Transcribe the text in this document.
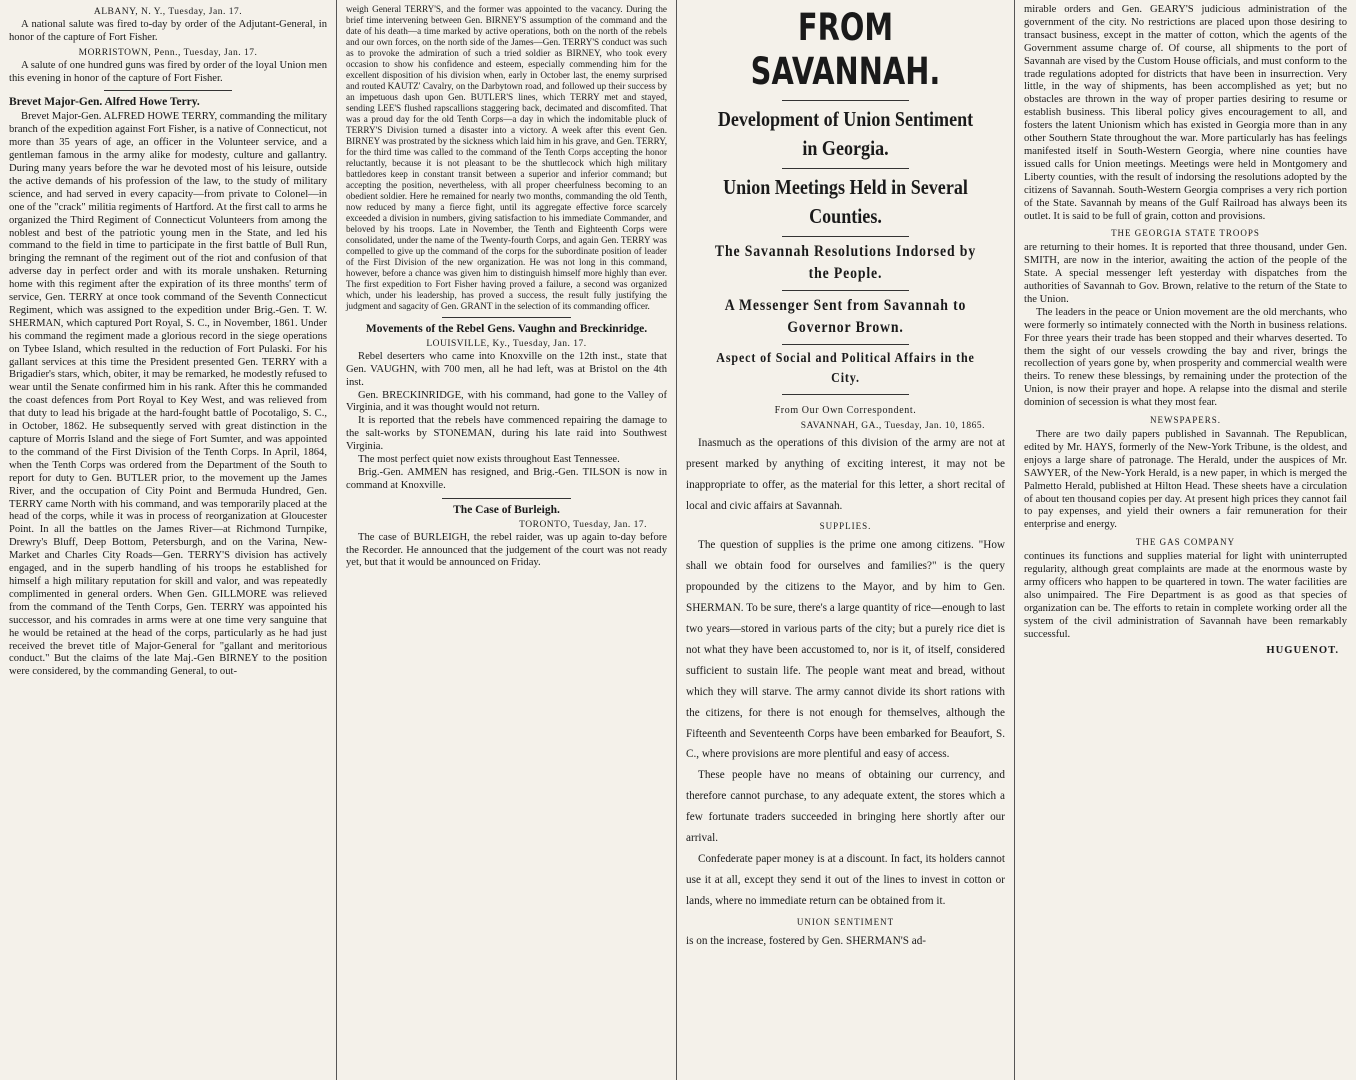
ALBANY, N. Y., Tuesday, Jan. 17.

A national salute was fired to-day by order of the Adjutant-General, in honor of the capture of Fort Fisher.

MORRISTOWN, Penn., Tuesday, Jan. 17.

A salute of one hundred guns was fired by order of the loyal Union men this evening in honor of the capture of Fort Fisher.

Brevet Major-Gen. Alfred Howe Terry.

Brevet Major-Gen. ALFRED HOWE TERRY, commanding the military branch of the expedition against Fort Fisher, is a native of Connecticut, not more than 35 years of age, an officer in the Volunteer service, and a gentleman famous in the army alike for modesty, culture and gallantry. During many years before the war he devoted most of his leisure, outside the active demands of his profession of the law, to the study of military science, and had served in every capacity—from private to Colonel—in one of the "crack" militia regiments of Hartford. At the first call to arms he organized the Third Regiment of Connecticut Volunteers from among the noblest and best of the patriotic young men in the State, and led his command to the field in time to participate in the first battle of Bull Run, bringing the remnant of the regiment out of the riot and confusion of that adverse day in perfect order and with its morale unshaken. Returning home with this regiment after the expiration of its three months' term of service, Gen. TERRY at once took command of the Seventh Connecticut Regiment, which was assigned to the expedition under Brig.-Gen. T. W. SHERMAN, which captured Port Royal, S. C., in November, 1861. Under his command the regiment made a glorious record in the siege operations on Tybee Island, which resulted in the reduction of Fort Pulaski. For his gallant services at this time the President presented Gen. TERRY with a Brigadier's stars, which, obiter, it may be remarked, he modestly refused to wear until the Senate confirmed him in his rank. After this he commanded the coast defences from Port Royal to Key West, and was relieved from that duty to lead his brigade at the hard-fought battle of Pocotaligo, S. C., in October, 1862. He subsequently served with great distinction in the capture of Morris Island and the siege of Fort Sumter, and was appointed to the command of the First Division of the Tenth Corps. In April, 1864, when the Tenth Corps was ordered from the Department of the South to report for duty to Gen. BUTLER prior, to the movement up the James River, and the occupation of City Point and Bermuda Hundred, Gen. TERRY came North with his command, and was temporarily placed at the head of the corps, while it was in process of reorganization at Gloucester Point. In all the battles on the James River—at Richmond Turnpike, Drewry's Bluff, Deep Bottom, Petersburgh, and on the Varina, New-Market and Charles City Roads—Gen. TERRY'S division has actively engaged, and in the superb handling of his troops he established for himself a high military reputation for skill and valor, and was repeatedly complimented in general orders. When Gen. GILLMORE was relieved from the command of the Tenth Corps, Gen. TERRY was appointed his successor, and his comrades in arms were at one time very sanguine that he would be retained at the head of the corps, particularly as he had just received the brevet title of Major-General for "gallant and meritorious conduct." But the claims of the late Maj.-Gen BIRNEY to the position were considered, by the commanding General, to out-

weigh General TERRY'S, and the former was appointed to the vacancy. During the brief time intervening between Gen. BIRNEY'S assumption of the command and the date of his death—a time marked by active operations, both on the north of the rebels and our own forces, on the north side of the James—Gen. TERRY'S conduct was such as to provoke the admiration of such a tried soldier as BIRNEY, who took every occasion to show his confidence and esteem, especially commending him for the excellent disposition of his division when, early in October last, the enemy surprised and routed KAUTZ' Cavalry, on the Darbytown road, and followed up their success by an impetuous dash upon Gen. BUTLER'S lines, which TERRY met and stayed, sending LEE'S flushed rapscallions staggering back, decimated and discomfited. That was a proud day for the old Tenth Corps—a day in which the indomitable pluck of TERRY'S Division turned a disaster into a victory. A week after this event Gen. BIRNEY was prostrated by the sickness which laid him in his grave, and Gen. TERRY, for the third time was called to the command of the Tenth Corps accepting the honor reluctantly, because it is not pleasant to be the shuttlecock which high military battledores keep in constant transit between a superior and inferior command; but accepting the position, nevertheless, with all proper cheerfulness becoming to an obedient soldier. Here he remained for nearly two months, commanding the old Tenth, now reduced by many a fierce fight, until its aggregate effective force scarcely exceeded a division in numbers, giving satisfaction to his immediate Commander, and beloved by his troops. Late in November, the Tenth and Eighteenth Corps were consolidated, under the name of the Twenty-fourth Corps, and again Gen. TERRY was compelled to give up the command of the corps for the subordinate position of leader of the First Division of the new organization. He was not long in this command, however, before a chance was given him to distinguish himself more highly than ever. The first expedition to Fort Fisher having proved a failure, a second was organized which, under his leadership, has proved a success, the result fully justifying the judgment and sagacity of Gen. GRANT in the selection of its commanding officer.

Movements of the Rebel Gens. Vaughn and Breckinridge.

LOUISVILLE, Ky., Tuesday, Jan. 17.

Rebel deserters who came into Knoxville on the 12th inst., state that Gen. VAUGHN, with 700 men, all he had left, was at Bristol on the 4th inst.

Gen. BRECKINRIDGE, with his command, had gone to the Valley of Virginia, and it was thought would not return.

It is reported that the rebels have commenced repairing the damage to the salt-works by STONEMAN, during his late raid into Southwest Virginia.

The most perfect quiet now exists throughout East Tennessee.

Brig.-Gen. AMMEN has resigned, and Brig.-Gen. TILSON is now in command at Knoxville.

The Case of Burleigh.

TORONTO, Tuesday, Jan. 17.

The case of BURLEIGH, the rebel raider, was up again to-day before the Recorder. He announced that the judgement of the court was not ready yet, but that it would be announced on Friday.

FROM SAVANNAH.
Development of Union Sentiment in Georgia.
Union Meetings Held in Several Counties.
The Savannah Resolutions Indorsed by the People.
A Messenger Sent from Savannah to Governor Brown.
Aspect of Social and Political Affairs in the City.

From Our Own Correspondent.

SAVANNAH, GA., Tuesday, Jan. 10, 1865.

Inasmuch as the operations of this division of the army are not at present marked by anything of exciting interest, it may not be inappropriate to offer, as the material for this letter, a short recital of local and civic affairs at Savannah.

SUPPLIES.

The question of supplies is the prime one among citizens. "How shall we obtain food for ourselves and families?" is the query propounded by the citizens to the Mayor, and by him to Gen. SHERMAN. To be sure, there's a large quantity of rice—enough to last two years—stored in various parts of the city; but a purely rice diet is not what they have been accustomed to, nor is it, of itself, considered sufficient to sustain life. The people want meat and bread, without which they will starve. The army cannot divide its short rations with the citizens, for there is not enough for themselves, although the Fifteenth and Seventeenth Corps have been embarked for Beaufort, S. C., where provisions are more plentiful and easy of access.

These people have no means of obtaining our currency, and therefore cannot purchase, to any adequate extent, the stores which a few fortunate traders succeeded in bringing here shortly after our arrival.

Confederate paper money is at a discount. In fact, its holders cannot use it at all, except they send it out of the lines to invest in cotton or lands, where no immediate return can be obtained from it.

UNION SENTIMENT

is on the increase, fostered by Gen. SHERMAN'S ad-

mirable orders and Gen. GEARY'S judicious administration of the government of the city. No restrictions are placed upon those desiring to transact business, except in the matter of cotton, which the agents of the Government assume charge of. Of course, all shipments to the port of Savannah are vised by the Custom House officials, and must conform to the trade regulations adopted for districts that have been in insurrection. Very little, in the way of shipments, has been accomplished as yet; but no obstacles are thrown in the way of proper parties desiring to resume or establish business. This liberal policy gives encouragement to all, and fosters the latent Unionism which has existed in Georgia more than in any other Southern State throughout the war. More particularly has has feelings manifested itself in South-Western Georgia, where nine counties have issued calls for Union meetings. Meetings were held in Montgomery and Liberty counties, with the result of indorsing the resolutions adopted by the citizens of Savannah. South-Western Georgia comprises a very rich portion of the State. Savannah by means of the Gulf Railroad has always been its outlet. It is said to be full of grain, cotton and provisions.

THE GEORGIA STATE TROOPS

are returning to their homes. It is reported that three thousand, under Gen. SMITH, are now in the interior, awaiting the action of the people of the State. A special messenger left yesterday with dispatches from the authorities of Savannah to Gov. Brown, relative to the return of the State to the Union.

The leaders in the peace or Union movement are the old merchants, who were formerly so intimately connected with the North in business relations. For three years their trade has been stopped and their wharves deserted. To them the sight of our vessels crowding the bay and river, brings the recollection of years gone by, when prosperity and commercial wealth were theirs. To renew these blessings, by remaining under the protection of the Union, is now their prayer and hope. A relapse into the dismal and sterile dominion of secession is what they most fear.

NEWSPAPERS.

There are two daily papers published in Savannah. The Republican, edited by Mr. HAYS, formerly of the New-York Tribune, is the oldest, and enjoys a large share of patronage. The Herald, under the auspices of Mr. SAWYER, of the New-York Herald, is a new paper, in which is merged the Palmetto Herald, published at Hilton Head. These sheets have a circulation of about ten thousand copies per day. At present high prices they cannot fail to pay expenses, and yield their owners a fair remuneration for their enterprise and energy.

THE GAS COMPANY

continues its functions and supplies material for light with uninterrupted regularity, although great complaints are made at the enormous waste by army officers who happen to be quartered in town. The water facilities are also unimpaired. The Fire Department is as good as that species of organization can be. The efforts to retain in complete working order all the system of the civil administration of Savannah have been remarkably successful.

HUGUENOT.
